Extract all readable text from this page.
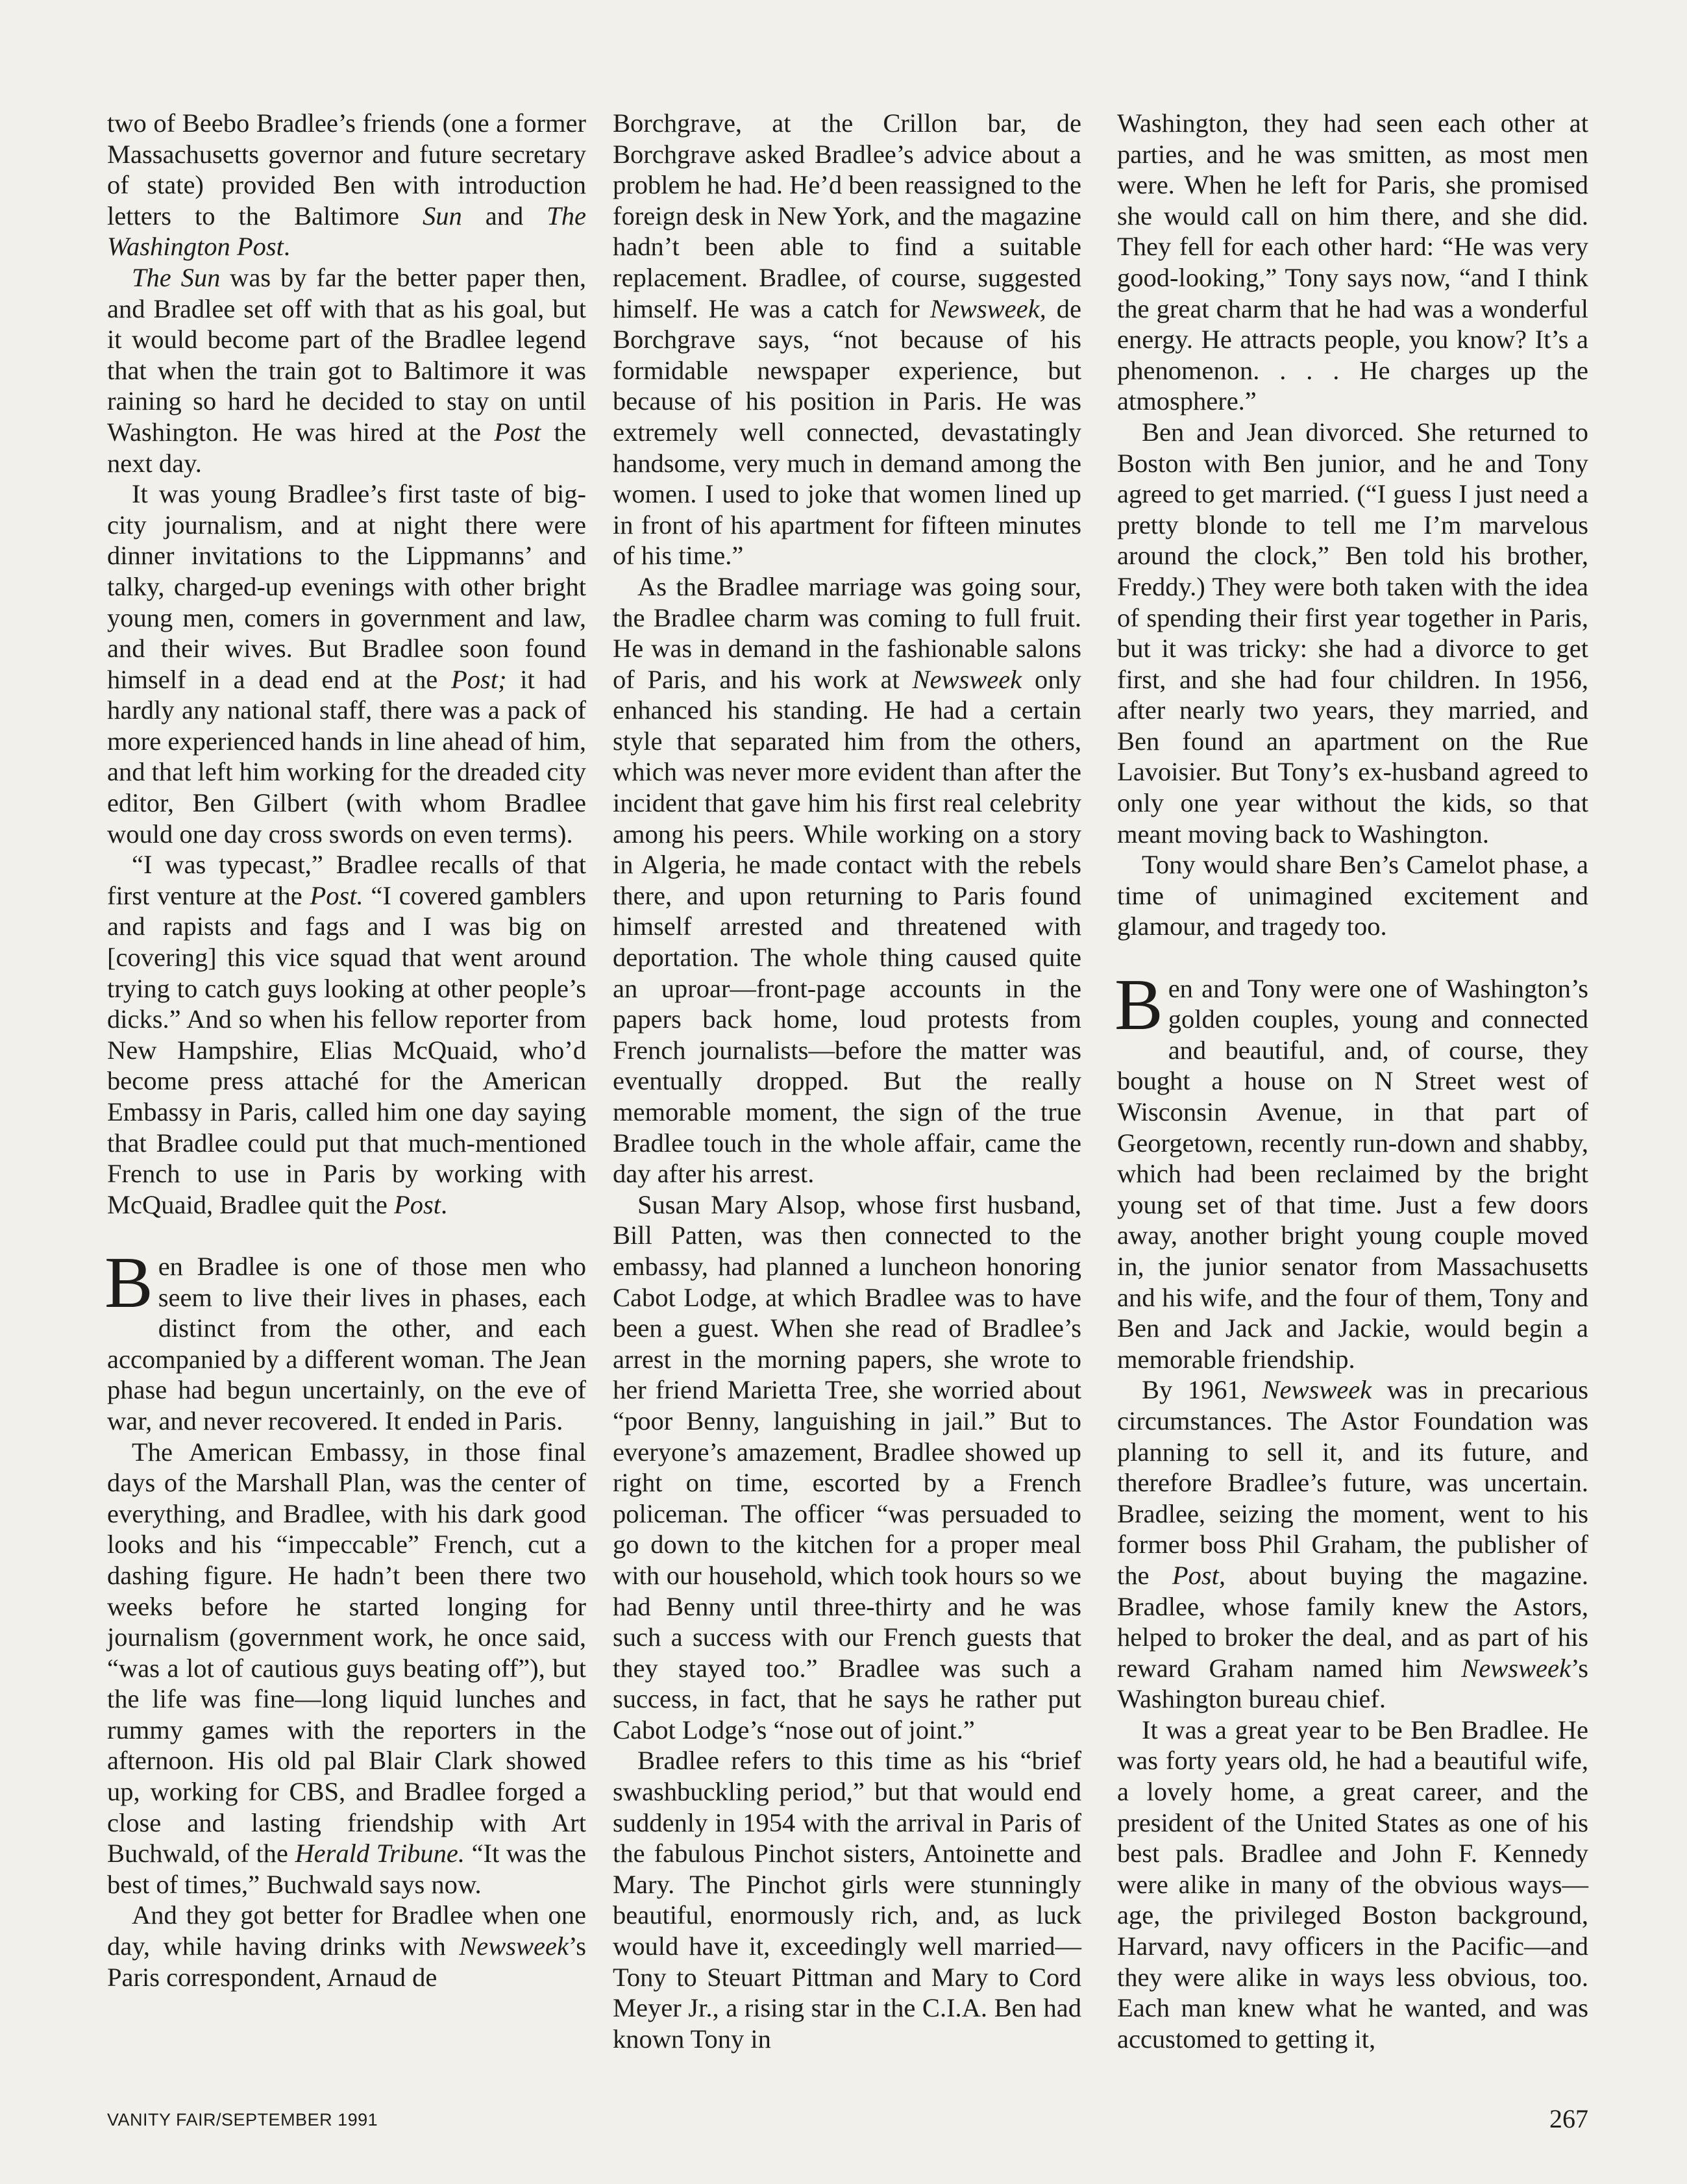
two of Beebo Bradlee’s friends (one a former Massachusetts governor and future secretary of state) provided Ben with introduction letters to the Baltimore Sun and The Washington Post.

The Sun was by far the better paper then, and Bradlee set off with that as his goal, but it would become part of the Bradlee legend that when the train got to Baltimore it was raining so hard he decided to stay on until Washington. He was hired at the Post the next day.

It was young Bradlee’s first taste of big-city journalism, and at night there were dinner invitations to the Lippmanns’ and talky, charged-up evenings with other bright young men, comers in government and law, and their wives. But Bradlee soon found himself in a dead end at the Post; it had hardly any national staff, there was a pack of more experienced hands in line ahead of him, and that left him working for the dreaded city editor, Ben Gilbert (with whom Bradlee would one day cross swords on even terms).

“I was typecast,” Bradlee recalls of that first venture at the Post. “I covered gamblers and rapists and fags and I was big on [covering] this vice squad that went around trying to catch guys looking at other people’s dicks.” And so when his fellow reporter from New Hampshire, Elias McQuaid, who’d become press attaché for the American Embassy in Paris, called him one day saying that Bradlee could put that much-mentioned French to use in Paris by working with McQuaid, Bradlee quit the Post.

Ben Bradlee is one of those men who seem to live their lives in phases, each distinct from the other, and each accompanied by a different woman. The Jean phase had begun uncertainly, on the eve of war, and never recovered. It ended in Paris.

The American Embassy, in those final days of the Marshall Plan, was the center of everything, and Bradlee, with his dark good looks and his “impeccable” French, cut a dashing figure. He hadn’t been there two weeks before he started longing for journalism (government work, he once said, “was a lot of cautious guys beating off”), but the life was fine—long liquid lunches and rummy games with the reporters in the afternoon. His old pal Blair Clark showed up, working for CBS, and Bradlee forged a close and lasting friendship with Art Buchwald, of the Herald Tribune. “It was the best of times,” Buchwald says now.

And they got better for Bradlee when one day, while having drinks with Newsweek’s Paris correspondent, Arnaud de

Borchgrave, at the Crillon bar, de Borchgrave asked Bradlee’s advice about a problem he had. He’d been reassigned to the foreign desk in New York, and the magazine hadn’t been able to find a suitable replacement. Bradlee, of course, suggested himself. He was a catch for Newsweek, de Borchgrave says, “not because of his formidable newspaper experience, but because of his position in Paris. He was extremely well connected, devastatingly handsome, very much in demand among the women. I used to joke that women lined up in front of his apartment for fifteen minutes of his time.”

As the Bradlee marriage was going sour, the Bradlee charm was coming to full fruit. He was in demand in the fashionable salons of Paris, and his work at Newsweek only enhanced his standing. He had a certain style that separated him from the others, which was never more evident than after the incident that gave him his first real celebrity among his peers. While working on a story in Algeria, he made contact with the rebels there, and upon returning to Paris found himself arrested and threatened with deportation. The whole thing caused quite an uproar—front-page accounts in the papers back home, loud protests from French journalists—before the matter was eventually dropped. But the really memorable moment, the sign of the true Bradlee touch in the whole affair, came the day after his arrest.

Susan Mary Alsop, whose first husband, Bill Patten, was then connected to the embassy, had planned a luncheon honoring Cabot Lodge, at which Bradlee was to have been a guest. When she read of Bradlee’s arrest in the morning papers, she wrote to her friend Marietta Tree, she worried about “poor Benny, languishing in jail.” But to everyone’s amazement, Bradlee showed up right on time, escorted by a French policeman. The officer “was persuaded to go down to the kitchen for a proper meal with our household, which took hours so we had Benny until three-thirty and he was such a success with our French guests that they stayed too.” Bradlee was such a success, in fact, that he says he rather put Cabot Lodge’s “nose out of joint.”

Bradlee refers to this time as his “brief swashbuckling period,” but that would end suddenly in 1954 with the arrival in Paris of the fabulous Pinchot sisters, Antoinette and Mary. The Pinchot girls were stunningly beautiful, enormously rich, and, as luck would have it, exceedingly well married—Tony to Steuart Pittman and Mary to Cord Meyer Jr., a rising star in the C.I.A. Ben had known Tony in

Washington, they had seen each other at parties, and he was smitten, as most men were. When he left for Paris, she promised she would call on him there, and she did. They fell for each other hard: “He was very good-looking,” Tony says now, “and I think the great charm that he had was a wonderful energy. He attracts people, you know? It’s a phenomenon. . . . He charges up the atmosphere.”

Ben and Jean divorced. She returned to Boston with Ben junior, and he and Tony agreed to get married. (“I guess I just need a pretty blonde to tell me I’m marvelous around the clock,” Ben told his brother, Freddy.) They were both taken with the idea of spending their first year together in Paris, but it was tricky: she had a divorce to get first, and she had four children. In 1956, after nearly two years, they married, and Ben found an apartment on the Rue Lavoisier. But Tony’s ex-husband agreed to only one year without the kids, so that meant moving back to Washington.

Tony would share Ben’s Camelot phase, a time of unimagined excitement and glamour, and tragedy too.

Ben and Tony were one of Washington’s golden couples, young and connected and beautiful, and, of course, they bought a house on N Street west of Wisconsin Avenue, in that part of Georgetown, recently run-down and shabby, which had been reclaimed by the bright young set of that time. Just a few doors away, another bright young couple moved in, the junior senator from Massachusetts and his wife, and the four of them, Tony and Ben and Jack and Jackie, would begin a memorable friendship.

By 1961, Newsweek was in precarious circumstances. The Astor Foundation was planning to sell it, and its future, and therefore Bradlee’s future, was uncertain. Bradlee, seizing the moment, went to his former boss Phil Graham, the publisher of the Post, about buying the magazine. Bradlee, whose family knew the Astors, helped to broker the deal, and as part of his reward Graham named him Newsweek’s Washington bureau chief.

It was a great year to be Ben Bradlee. He was forty years old, he had a beautiful wife, a lovely home, a great career, and the president of the United States as one of his best pals. Bradlee and John F. Kennedy were alike in many of the obvious ways—age, the privileged Boston background, Harvard, navy officers in the Pacific—and they were alike in ways less obvious, too. Each man knew what he wanted, and was accustomed to getting it,

VANITY FAIR/SEPTEMBER 1991	267
